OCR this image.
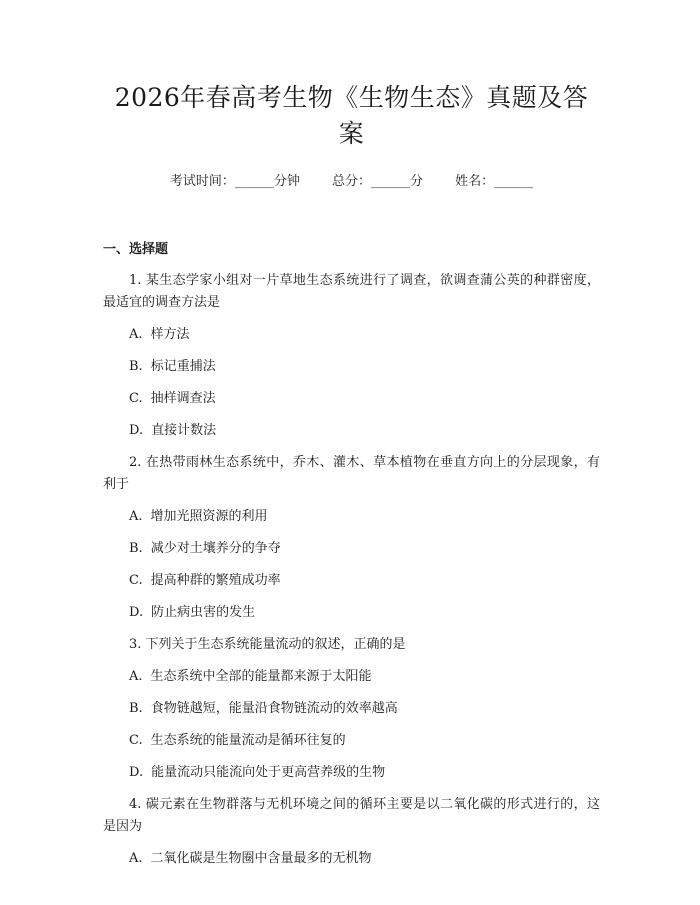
2026年春高考生物《生物生态》真题及答案
考试时间：______分钟 总分：______分 姓名：______
一、选择题

1. 某生态学家小组对一片草地生态系统进行了调查，欲调查蒲公英的种群密度，最适宜的调查方法是

A. 样方法
B. 标记重捕法
C. 抽样调查法
D. 直接计数法

2. 在热带雨林生态系统中，乔木、灌木、草本植物在垂直方向上的分层现象，有利于

A. 增加光照资源的利用
B. 减少对土壤养分的争夺
C. 提高种群的繁殖成功率
D. 防止病虫害的发生

3. 下列关于生态系统能量流动的叙述，正确的是

A. 生态系统中全部的能量都来源于太阳能
B. 食物链越短，能量沿食物链流动的效率越高
C. 生态系统的能量流动是循环往复的
D. 能量流动只能流向处于更高营养级的生物

4. 碳元素在生物群落与无机环境之间的循环主要是以二氧化碳的形式进行的，这是因为

A. 二氧化碳是生物圈中含量最多的无机物
